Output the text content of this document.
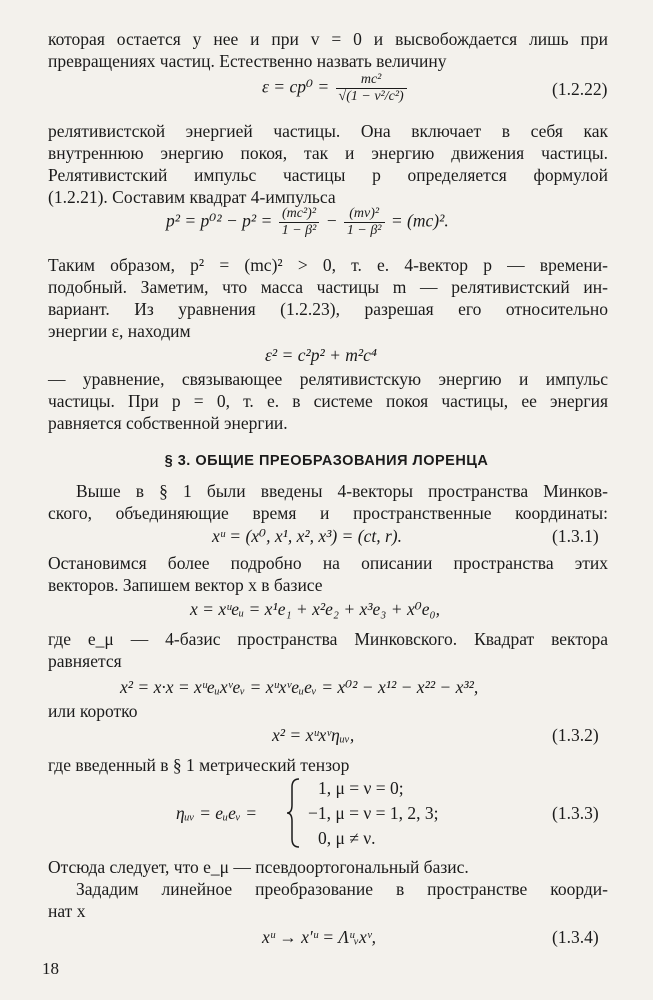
которая остается у нее и при v = 0 и высвобождается лишь при
превращениях частиц. Естественно назвать величину
$\varepsilon = cp^0 = \frac{\text{mc²}}{\text{√(1 − v²/c²)}}$	(1.2.22)
релятивистской энергией частицы. Она включает в себя как
внутреннюю энергию покоя, так и энергию движения частицы.
Релятивистский импульс частицы p определяется формулой
(1.2.21). Составим квадрат 4-импульса
$p^2 = p^{02} - p^2 = \frac{\text{(mc²)²}}{\text{1 − β²}} - \frac{\text{(mv)²}}{\text{1 − β²}} = (mc)^2$.
Таким образом, p² = (mc)² > 0, т. е. 4-вектор p — времени-
подобный. Заметим, что масса частицы m — релятивистский ин-
вариант. Из уравнения (1.2.23), разрешая его относительно
энергии ε, находим
ε² = c²p² + m²c⁴
— уравнение, связывающее релятивистскую энергию и импульс
частицы. При p = 0, т. е. в системе покоя частицы, ее энергия
равняется собственной энергии.
§ 3. ОБЩИЕ ПРЕОБРАЗОВАНИЯ ЛОРЕНЦА
Выше в § 1 были введены 4-векторы пространства Минков-
ского, объединяющие время и пространственные координаты:
xᵘ = (x⁰, x¹, x², x³) = (ct, r).	(1.3.1)
Остановимся более подробно на описании пространства этих
векторов. Запишем вектор x в базисе
x = xᵘeᵤ = x¹e₁ + x²e₂ + x³e₃ + x⁰e₀,
где e_μ — 4-базис пространства Минковского. Квадрат вектора
равняется
x² = x·x = xᵘeᵤxᵛeᵥ = xᵘxᵛeᵤeᵥ = x⁰² − x¹² − x²² − x³²,
или коротко
x² = xᵘxᵛηᵤᵥ,	(1.3.2)
где введенный в § 1 метрический тензор
ηᵤᵥ = eᵤeᵥ =
1, μ = ν = 0;
−1, μ = ν = 1, 2, 3;
0, μ ≠ ν.
(1.3.3)
Отсюда следует, что e_μ — псевдоортогональный базис.
Зададим линейное преобразование в пространстве коорди-
нат x
xᵘ → x′ᵘ = Λᵘᵥxᵛ,	(1.3.4)
18
